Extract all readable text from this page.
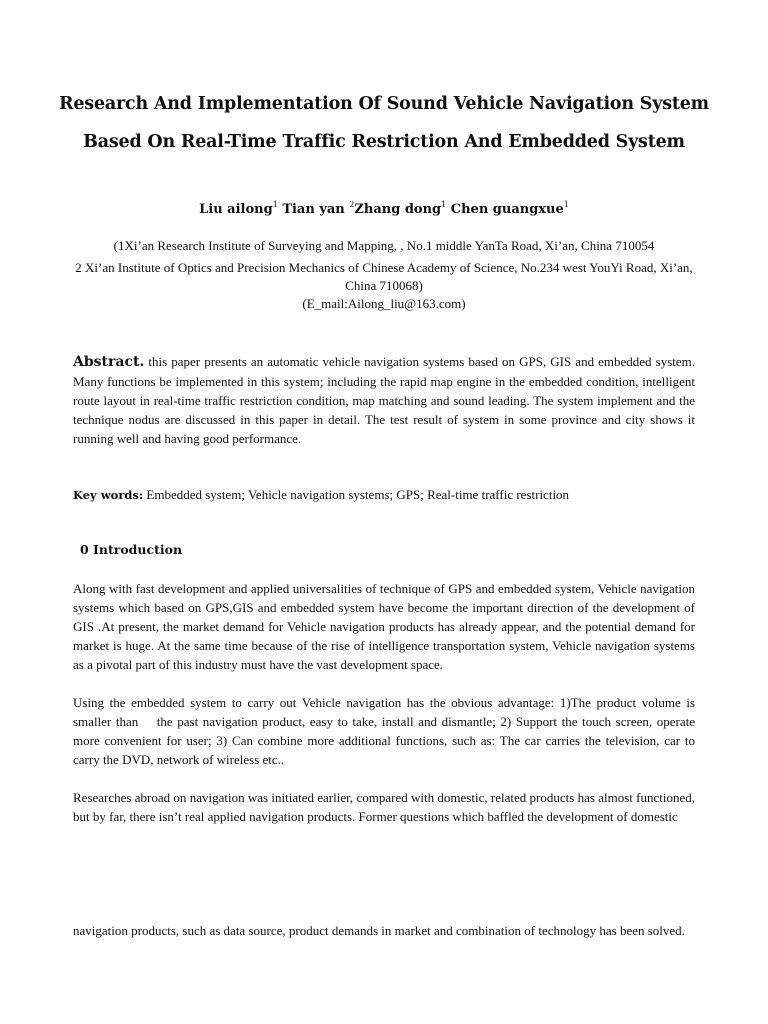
Research And Implementation Of Sound Vehicle Navigation System
Based On Real-Time Traffic Restriction And Embedded System
Liu ailong$^1$ Tian yan $^2$Zhang dong$^1$ Chen guangxue$^1$
(1Xi’an Research Institute of Surveying and Mapping, , No.1 middle YanTa Road, Xi’an, China 710054
2 Xi’an Institute of Optics and Precision Mechanics of Chinese Academy of Science, No.234 west YouYi Road, Xi’an,
China 710068)
(E_mail:Ailong_liu@163.com)
Abstract. this paper presents an automatic vehicle navigation systems based on GPS, GIS and embedded system. Many functions be implemented in this system; including the rapid map engine in the embedded condition, intelligent route layout in real-time traffic restriction condition, map matching and sound leading. The system implement and the technique nodus are discussed in this paper in detail. The test result of system in some province and city shows it running well and having good performance.
Key words: Embedded system; Vehicle navigation systems; GPS; Real-time traffic restriction
0 Introduction
Along with fast development and applied universalities of technique of GPS and embedded system, Vehicle navigation systems which based on GPS,GIS and embedded system have become the important direction of the development of GIS .At present, the market demand for Vehicle navigation products has already appear, and the potential demand for market is huge. At the same time because of the rise of intelligence transportation system, Vehicle navigation systems as a pivotal part of this industry must have the vast development space.
Using the embedded system to carry out Vehicle navigation has the obvious advantage: 1)The product volume is smaller than    the past navigation product, easy to take, install and dismantle; 2) Support the touch screen, operate more convenient for user; 3) Can combine more additional functions, such as: The car carries the television, car to carry the DVD, network of wireless etc..
Researches abroad on navigation was initiated earlier, compared with domestic, related products has almost functioned, but by far, there isn’t real applied navigation products. Former questions which baffled the development of domestic
navigation products, such as data source, product demands in market and combination of technology has been solved.
